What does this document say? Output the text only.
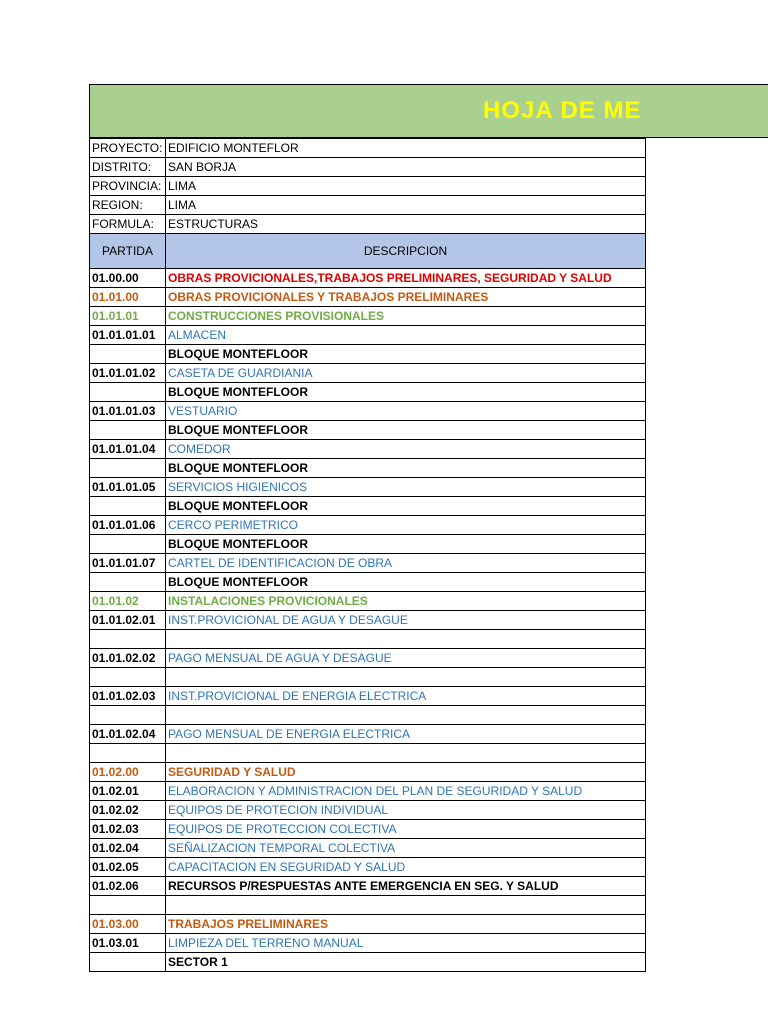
HOJA DE ME
PROYECTO:	EDIFICIO MONTEFLOR
DISTRITO:	SAN BORJA
PROVINCIA:	LIMA
REGION:	LIMA
FORMULA:	ESTRUCTURAS
PARTIDA	DESCRIPCION
01.00.00	OBRAS PROVICIONALES,TRABAJOS PRELIMINARES, SEGURIDAD Y SALUD
01.01.00	OBRAS PROVICIONALES Y TRABAJOS PRELIMINARES
01.01.01	CONSTRUCCIONES PROVISIONALES
01.01.01.01	ALMACEN
	BLOQUE MONTEFLOOR
01.01.01.02	CASETA DE GUARDIANIA
	BLOQUE MONTEFLOOR
01.01.01.03	VESTUARIO
	BLOQUE MONTEFLOOR
01.01.01.04	COMEDOR
	BLOQUE MONTEFLOOR
01.01.01.05	SERVICIOS HIGIENICOS
	BLOQUE MONTEFLOOR
01.01.01.06	CERCO PERIMETRICO
	BLOQUE MONTEFLOOR
01.01.01.07	CARTEL DE IDENTIFICACION DE OBRA
	BLOQUE MONTEFLOOR
01.01.02	INSTALACIONES PROVICIONALES
01.01.02.01	INST.PROVICIONAL DE AGUA Y DESAGUE

01.01.02.02	PAGO MENSUAL DE AGUA Y DESAGUE

01.01.02.03	INST.PROVICIONAL DE ENERGIA ELECTRICA

01.01.02.04	PAGO MENSUAL DE ENERGIA ELECTRICA

01.02.00	SEGURIDAD Y SALUD
01.02.01	ELABORACION Y ADMINISTRACION DEL PLAN DE SEGURIDAD Y SALUD
01.02.02	EQUIPOS DE PROTECION INDIVIDUAL
01.02.03	EQUIPOS DE PROTECCION COLECTIVA
01.02.04	SEÑALIZACION TEMPORAL COLECTIVA
01.02.05	CAPACITACION EN SEGURIDAD Y SALUD
01.02.06	RECURSOS P/RESPUESTAS ANTE EMERGENCIA EN SEG. Y SALUD

01.03.00	TRABAJOS PRELIMINARES
01.03.01	LIMPIEZA DEL TERRENO MANUAL
	SECTOR 1
